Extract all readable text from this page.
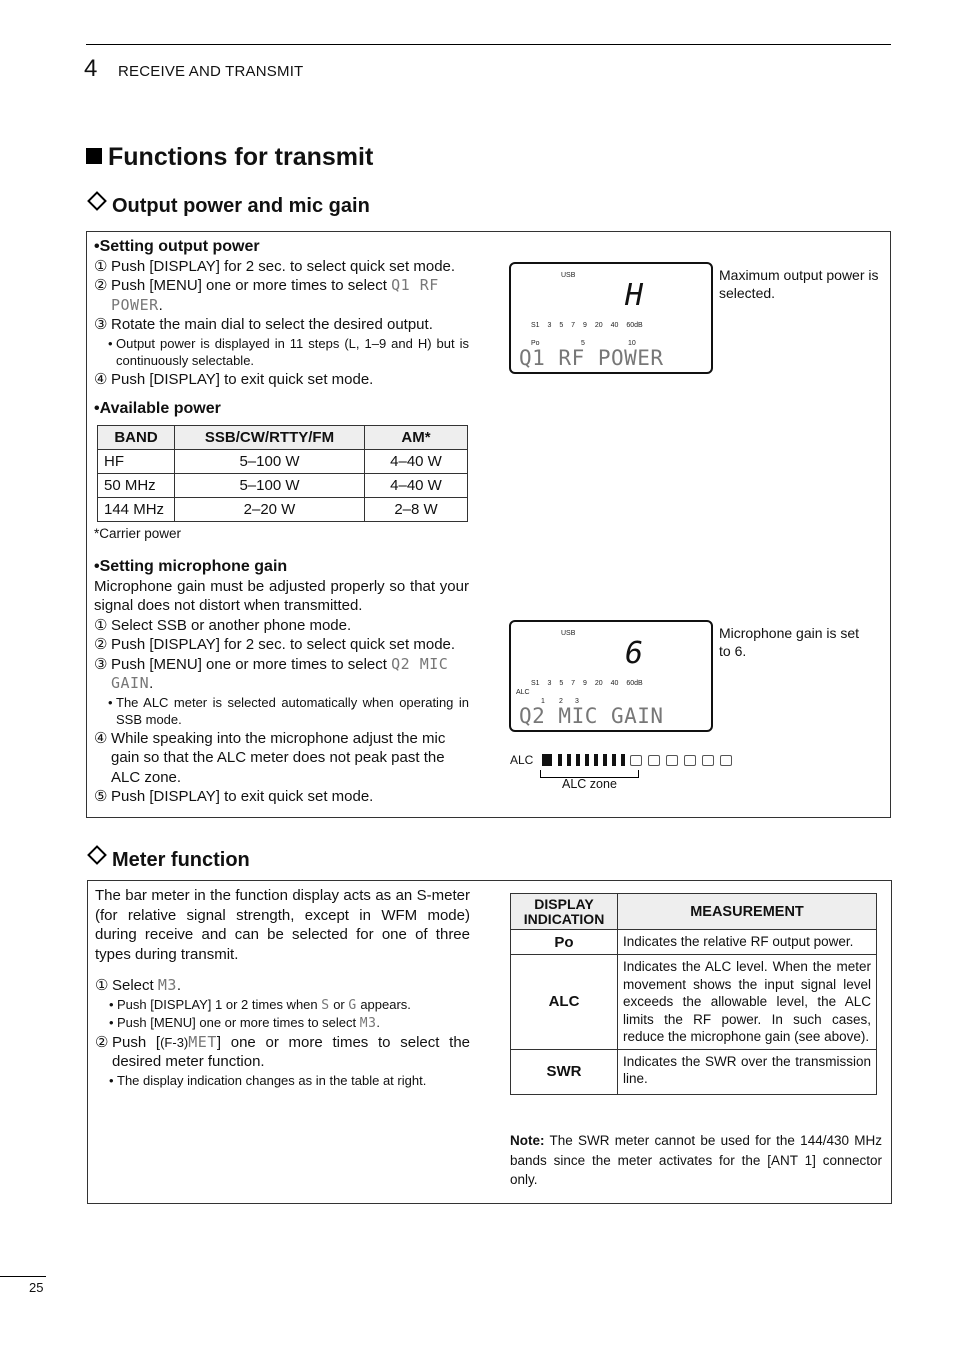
4 RECEIVE AND TRANSMIT
Functions for transmit
Output power and mic gain
•Setting output power
① Push [DISPLAY] for 2 sec. to select quick set mode.
② Push [MENU] one or more times to select Q1 RF POWER.
③ Rotate the main dial to select the desired output.
• Output power is displayed in 11 steps (L, 1–9 and H) but is continuously selectable.
④ Push [DISPLAY] to exit quick set mode.
•Available power
BAND	SSB/CW/RTTY/FM	AM*
HF	5–100 W	4–40 W
50 MHz	5–100 W	4–40 W
144 MHz	2–20 W	2–8 W
*Carrier power
•Setting microphone gain
Microphone gain must be adjusted properly so that your signal does not distort when transmitted.
① Select SSB or another phone mode.
② Push [DISPLAY] for 2 sec. to select quick set mode.
③ Push [MENU] one or more times to select Q2 MIC GAIN.
• The ALC meter is selected automatically when operating in SSB mode.
④ While speaking into the microphone adjust the mic gain so that the ALC meter does not peak past the ALC zone.
⑤ Push [DISPLAY] to exit quick set mode.
USB
H
S1 3 5 7 9 20 40 60dB
Po	5	10
Q1 RF POWER
Maximum output power is selected.
USB
6
S1 3 5 7 9 20 40 60dB
ALC
1 2 3
Q2 MIC GAIN
Microphone gain is set to 6.
ALC
ALC zone
Meter function
The bar meter in the function display acts as an S-meter (for relative signal strength, except in WFM mode) during receive and can be selected for one of three types during transmit.
① Select M3.
• Push [DISPLAY] 1 or 2 times when S or G appears.
• Push [MENU] one or more times to select M3.
② Push [(F-3)MET] one or more times to select the desired meter function.
• The display indication changes as in the table at right.
DISPLAY INDICATION	MEASUREMENT
Po	Indicates the relative RF output power.
ALC	Indicates the ALC level. When the meter movement shows the input signal level exceeds the allowable level, the ALC limits the RF power. In such cases, reduce the microphone gain (see above).
SWR	Indicates the SWR over the transmission line.
Note: The SWR meter cannot be used for the 144/430 MHz bands since the meter activates for the [ANT 1] connector only.
25
